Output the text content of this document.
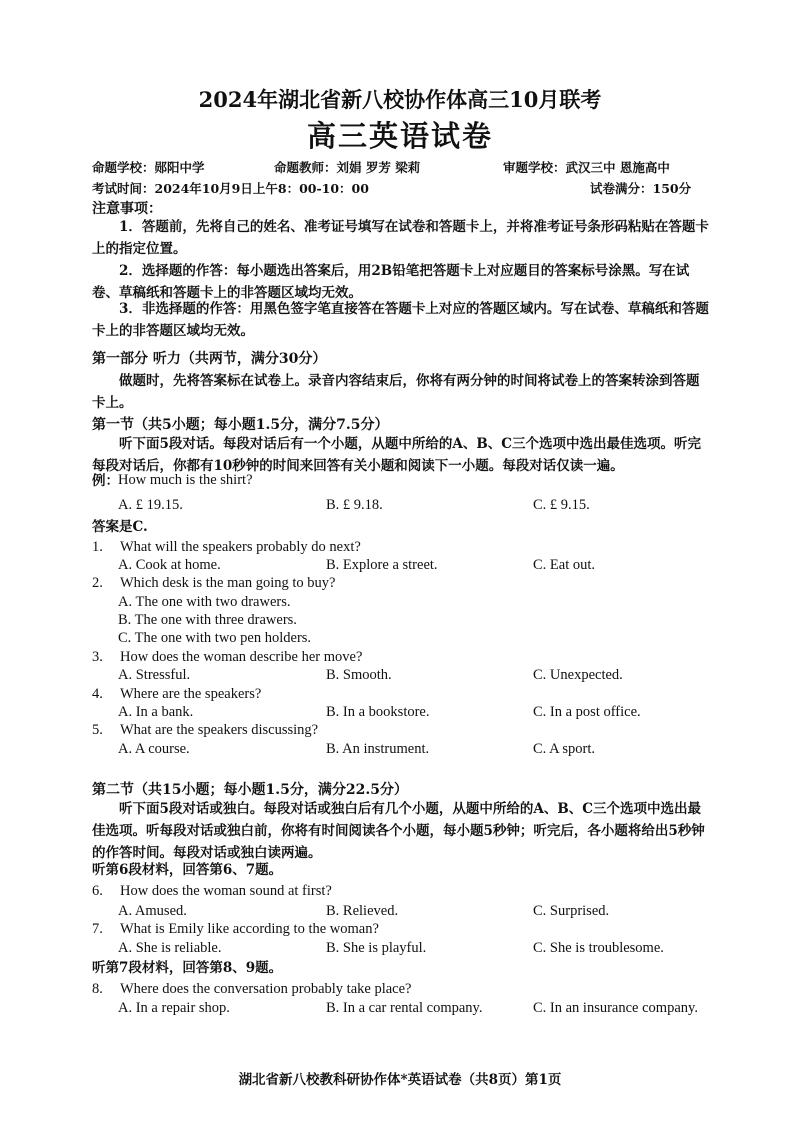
2024年湖北省新八校协作体高三10月联考
高三英语试卷
命题学校：郧阳中学	命题教师：刘娟 罗芳 梁莉	审题学校：武汉三中 恩施高中
考试时间：2024年10月9日上午8：00-10：00	试卷满分：150分
注意事项：
1．答题前，先将自己的姓名、准考证号填写在试卷和答题卡上，并将准考证号条形码粘贴在答题卡上的指定位置。
2．选择题的作答：每小题选出答案后，用2B铅笔把答题卡上对应题目的答案标号涂黑。写在试卷、草稿纸和答题卡上的非答题区域均无效。
3．非选择题的作答：用黑色签字笔直接答在答题卡上对应的答题区域内。写在试卷、草稿纸和答题卡上的非答题区域均无效。
第一部分 听力（共两节，满分30分）
做题时，先将答案标在试卷上。录音内容结束后，你将有两分钟的时间将试卷上的答案转涂到答题卡上。
第一节（共5小题；每小题1.5分，满分7.5分）
听下面5段对话。每段对话后有一个小题，从题中所给的A、B、C三个选项中选出最佳选项。听完每段对话后，你都有10秒钟的时间来回答有关小题和阅读下一小题。每段对话仅读一遍。
例： How much is the shirt?
A. £ 19.15.	B. £ 9.18.	C. £ 9.15.
答案是C.
1. What will the speakers probably do next?
A. Cook at home.	B. Explore a street.	C. Eat out.
2. Which desk is the man going to buy?
A. The one with two drawers.
B. The one with three drawers.
C. The one with two pen holders.
3. How does the woman describe her move?
A. Stressful.	B. Smooth.	C. Unexpected.
4. Where are the speakers?
A. In a bank.	B. In a bookstore.	C. In a post office.
5. What are the speakers discussing?
A. A course.	B. An instrument.	C. A sport.
第二节（共15小题；每小题1.5分，满分22.5分）
听下面5段对话或独白。每段对话或独白后有几个小题，从题中所给的A、B、C三个选项中选出最佳选项。听每段对话或独白前，你将有时间阅读各个小题，每小题5秒钟；听完后，各小题将给出5秒钟的作答时间。每段对话或独白读两遍。
听第6段材料，回答第6、7题。
6. How does the woman sound at first?
A. Amused.	B. Relieved.	C. Surprised.
7. What is Emily like according to the woman?
A. She is reliable.	B. She is playful.	C. She is troublesome.
听第7段材料，回答第8、9题。
8. Where does the conversation probably take place?
A. In a repair shop.	B. In a car rental company.	C. In an insurance company.
湖北省新八校教科研协作体*英语试卷（共8页）第1页
